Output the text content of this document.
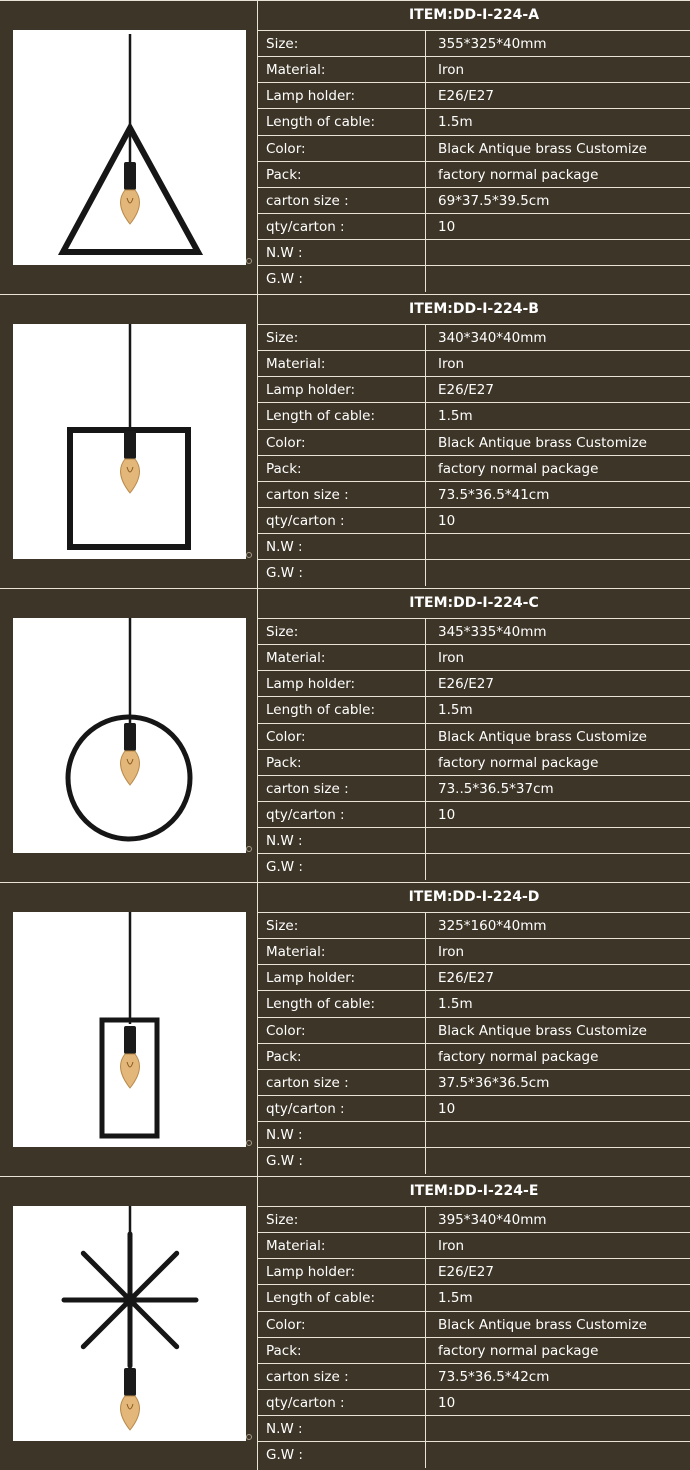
ITEM:DD-I-224-A
Size:	355*325*40mm
Material:	Iron
Lamp holder:	E26/E27
Length of cable:	1.5m
Color:	Black Antique brass Customize
Pack:	factory normal package
carton size :	69*37.5*39.5cm
qty/carton :	10
N.W :
G.W :
ITEM:DD-I-224-B
Size:	340*340*40mm
Material:	Iron
Lamp holder:	E26/E27
Length of cable:	1.5m
Color:	Black Antique brass Customize
Pack:	factory normal package
carton size :	73.5*36.5*41cm
qty/carton :	10
N.W :
G.W :
ITEM:DD-I-224-C
Size:	345*335*40mm
Material:	Iron
Lamp holder:	E26/E27
Length of cable:	1.5m
Color:	Black Antique brass Customize
Pack:	factory normal package
carton size :	73..5*36.5*37cm
qty/carton :	10
N.W :
G.W :
ITEM:DD-I-224-D
Size:	325*160*40mm
Material:	Iron
Lamp holder:	E26/E27
Length of cable:	1.5m
Color:	Black Antique brass Customize
Pack:	factory normal package
carton size :	37.5*36*36.5cm
qty/carton :	10
N.W :
G.W :
ITEM:DD-I-224-E
Size:	395*340*40mm
Material:	Iron
Lamp holder:	E26/E27
Length of cable:	1.5m
Color:	Black Antique brass Customize
Pack:	factory normal package
carton size :	73.5*36.5*42cm
qty/carton :	10
N.W :
G.W :
